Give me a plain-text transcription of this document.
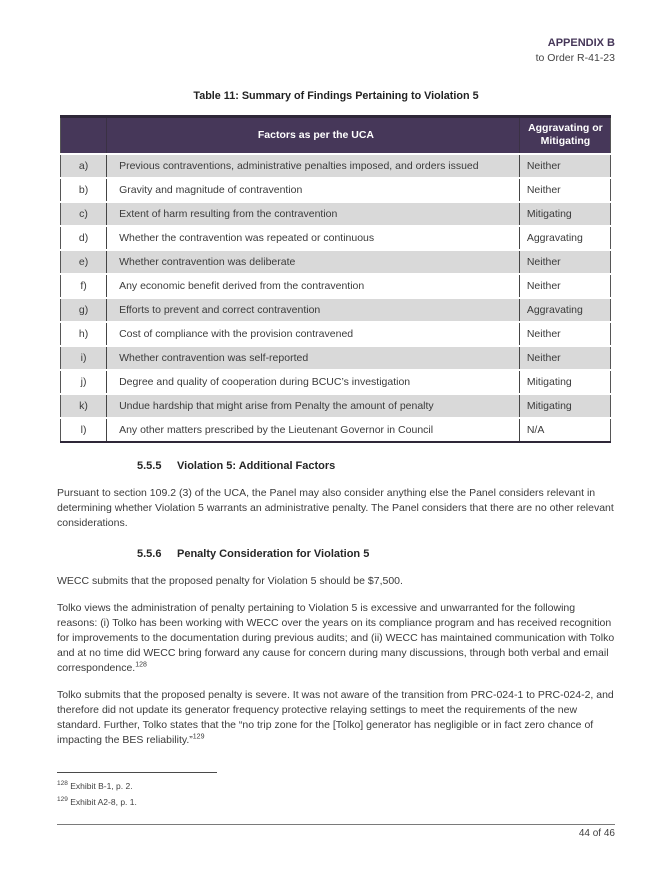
APPENDIX B
to Order R-41-23
Table 11: Summary of Findings Pertaining to Violation 5
	Factors as per the UCA	Aggravating or Mitigating
a)	Previous contraventions, administrative penalties imposed, and orders issued	Neither
b)	Gravity and magnitude of contravention	Neither
c)	Extent of harm resulting from the contravention	Mitigating
d)	Whether the contravention was repeated or continuous	Aggravating
e)	Whether contravention was deliberate	Neither
f)	Any economic benefit derived from the contravention	Neither
g)	Efforts to prevent and correct contravention	Aggravating
h)	Cost of compliance with the provision contravened	Neither
i)	Whether contravention was self-reported	Neither
j)	Degree and quality of cooperation during BCUC’s investigation	Mitigating
k)	Undue hardship that might arise from Penalty the amount of penalty	Mitigating
l)	Any other matters prescribed by the Lieutenant Governor in Council	N/A
5.5.5 Violation 5: Additional Factors

Pursuant to section 109.2 (3) of the UCA, the Panel may also consider anything else the Panel considers relevant in determining whether Violation 5 warrants an administrative penalty. The Panel considers that there are no other relevant considerations.

5.5.6 Penalty Consideration for Violation 5

WECC submits that the proposed penalty for Violation 5 should be $7,500.

Tolko views the administration of penalty pertaining to Violation 5 is excessive and unwarranted for the following reasons: (i) Tolko has been working with WECC over the years on its compliance program and has received recognition for improvements to the documentation during previous audits; and (ii) WECC has maintained communication with Tolko and at no time did WECC bring forward any cause for concern during many discussions, through both verbal and email correspondence.$^{128}$

Tolko submits that the proposed penalty is severe. It was not aware of the transition from PRC-024-1 to PRC-024-2, and therefore did not update its generator frequency protective relaying settings to meet the requirements of the new standard. Further, Tolko states that the “no trip zone for the [Tolko] generator has negligible or in fact zero chance of impacting the BES reliability.”$^{129}$

$^{128}$ Exhibit B-1, p. 2.
$^{129}$ Exhibit A2-8, p. 1.
44 of 46
